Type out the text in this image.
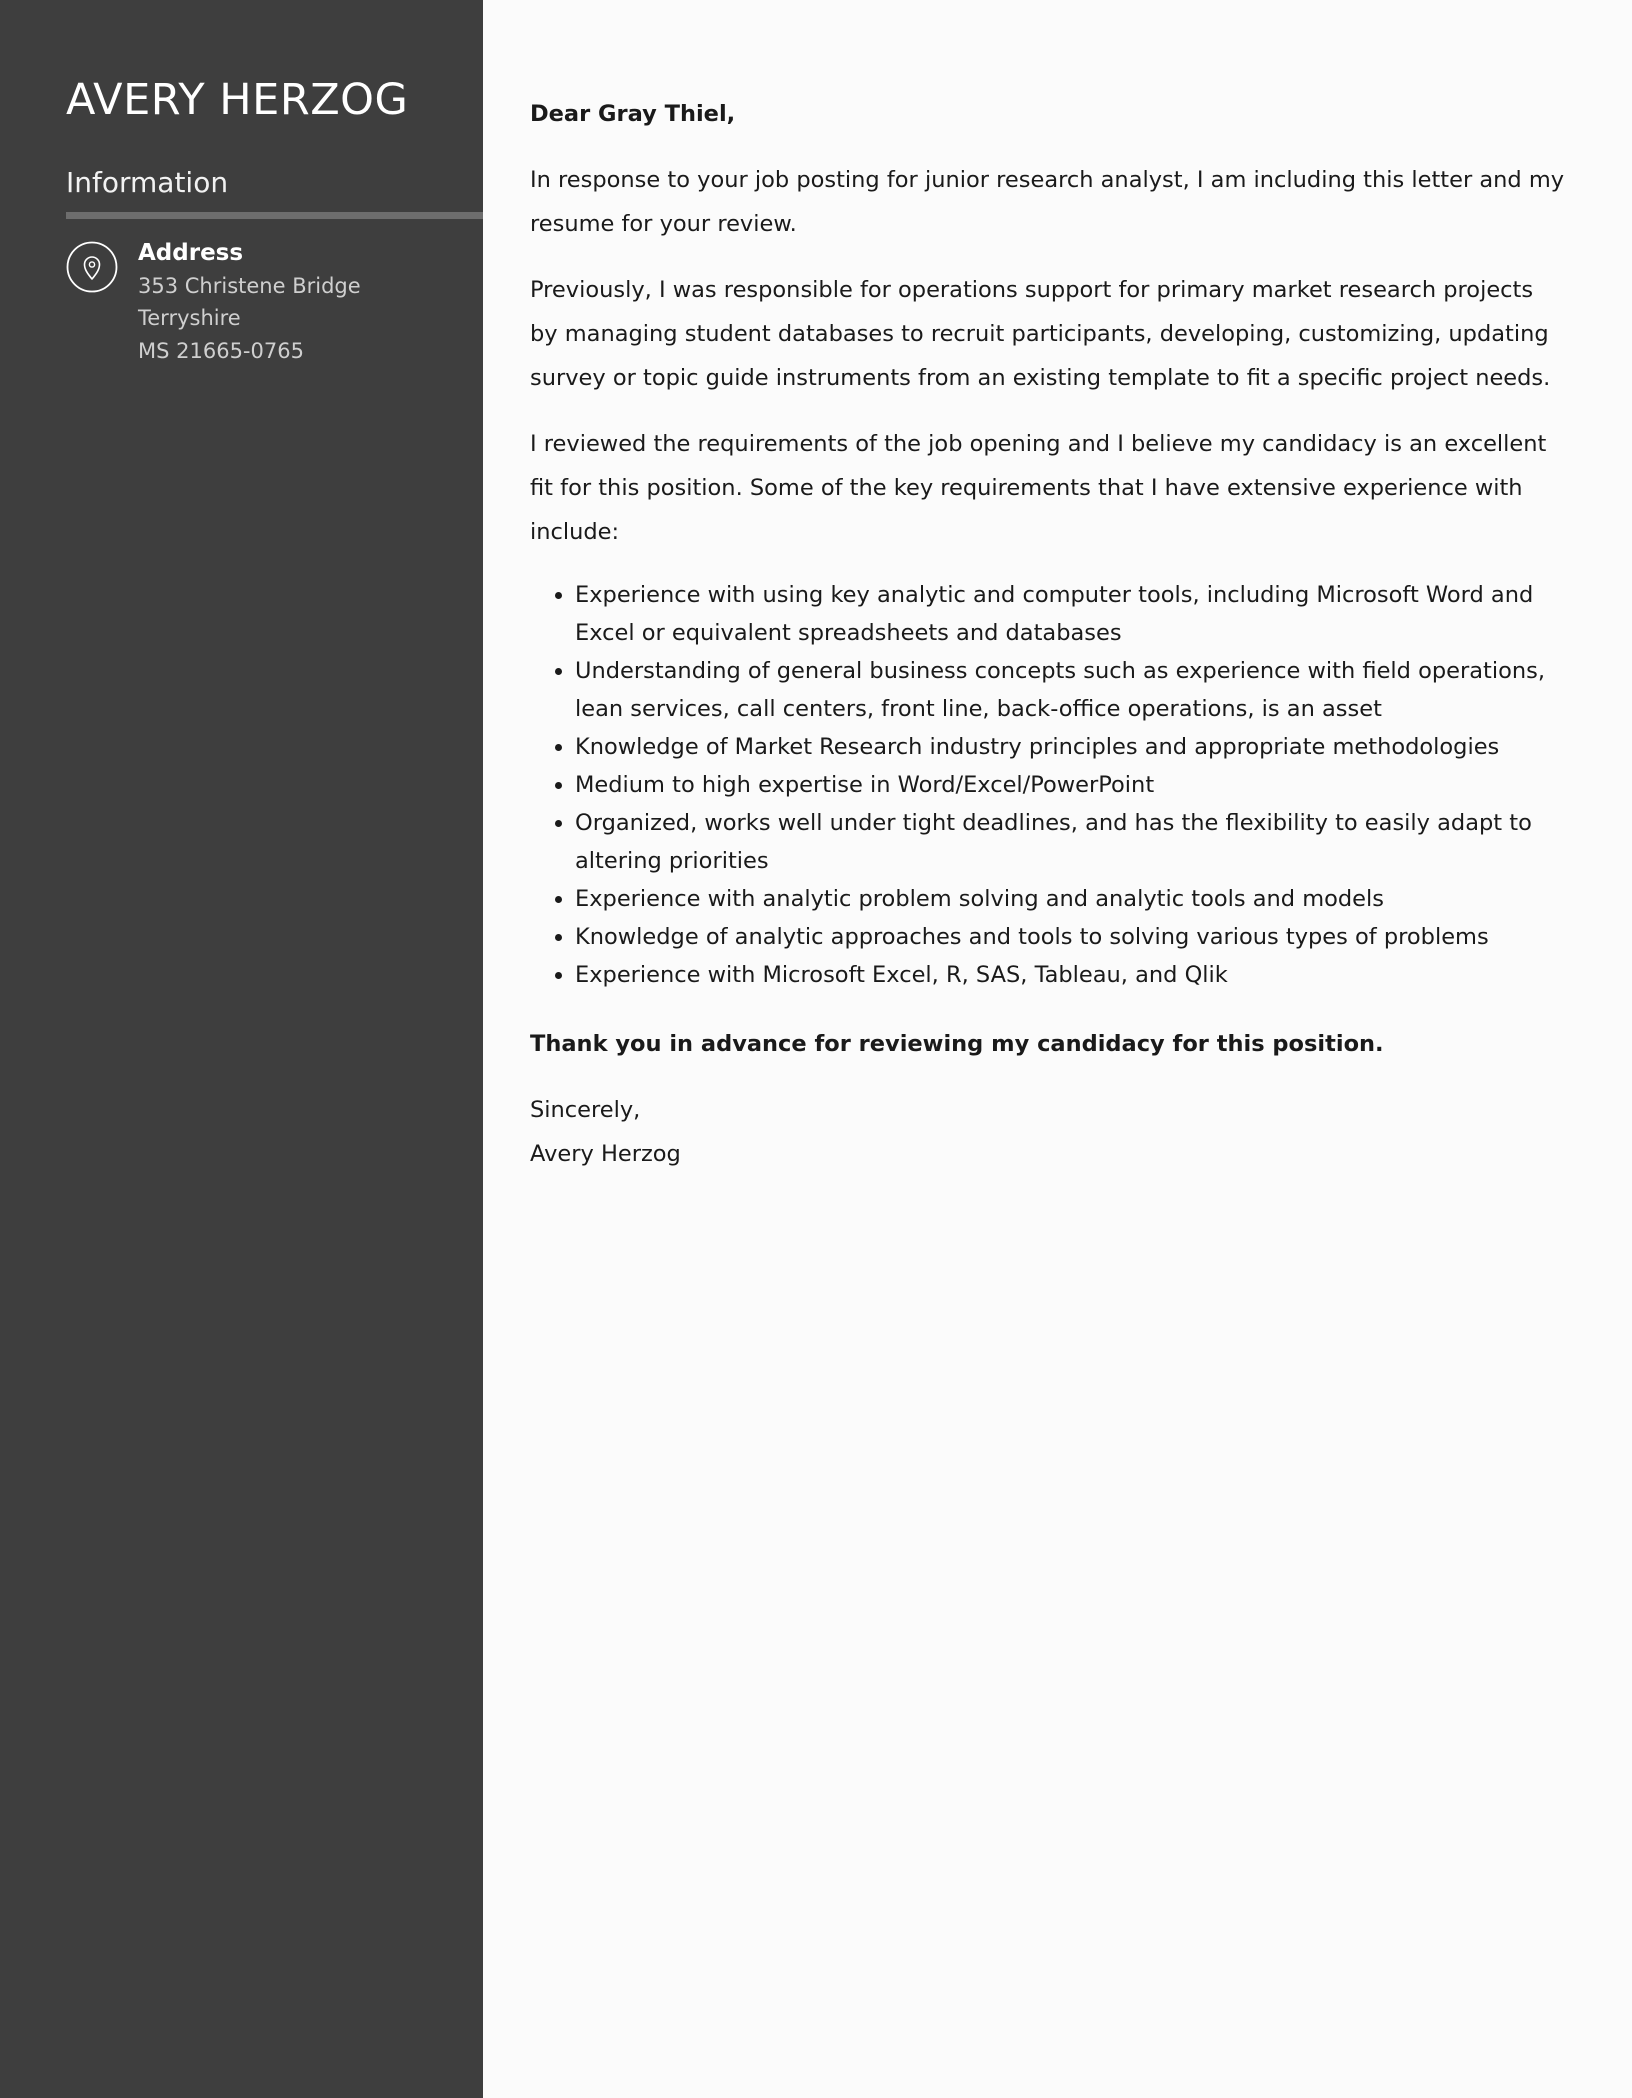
AVERY HERZOG
Information
Address
353 Christene Bridge
Terryshire
MS 21665-0765

Dear Gray Thiel,

In response to your job posting for junior research analyst, I am including this letter and my resume for your review.

Previously, I was responsible for operations support for primary market research projects by managing student databases to recruit participants, developing, customizing, updating survey or topic guide instruments from an existing template to fit a specific project needs.

I reviewed the requirements of the job opening and I believe my candidacy is an excellent fit for this position. Some of the key requirements that I have extensive experience with include:

• Experience with using key analytic and computer tools, including Microsoft Word and Excel or equivalent spreadsheets and databases
• Understanding of general business concepts such as experience with field operations, lean services, call centers, front line, back-office operations, is an asset
• Knowledge of Market Research industry principles and appropriate methodologies
• Medium to high expertise in Word/Excel/PowerPoint
• Organized, works well under tight deadlines, and has the flexibility to easily adapt to altering priorities
• Experience with analytic problem solving and analytic tools and models
• Knowledge of analytic approaches and tools to solving various types of problems
• Experience with Microsoft Excel, R, SAS, Tableau, and Qlik

Thank you in advance for reviewing my candidacy for this position.

Sincerely,

Avery Herzog
